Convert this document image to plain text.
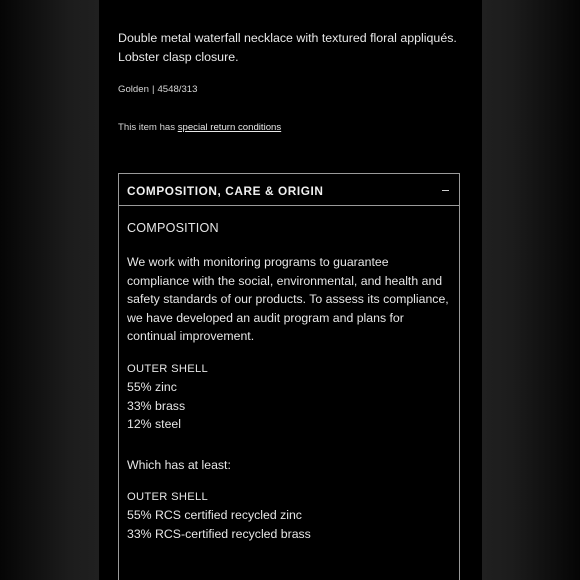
Double metal waterfall necklace with textured floral appliqués.

Lobster clasp closure.

Golden | 4548/313
This item has special return conditions
COMPOSITION, CARE & ORIGIN

COMPOSITION

We work with monitoring programs to guarantee compliance with the social, environmental, and health and safety standards of our products. To assess its compliance, we have developed an audit program and plans for continual improvement.

OUTER SHELL
55% zinc
33% brass
12% steel
Which has at least:
OUTER SHELL
55% RCS certified recycled zinc
33% RCS-certified recycled brass
